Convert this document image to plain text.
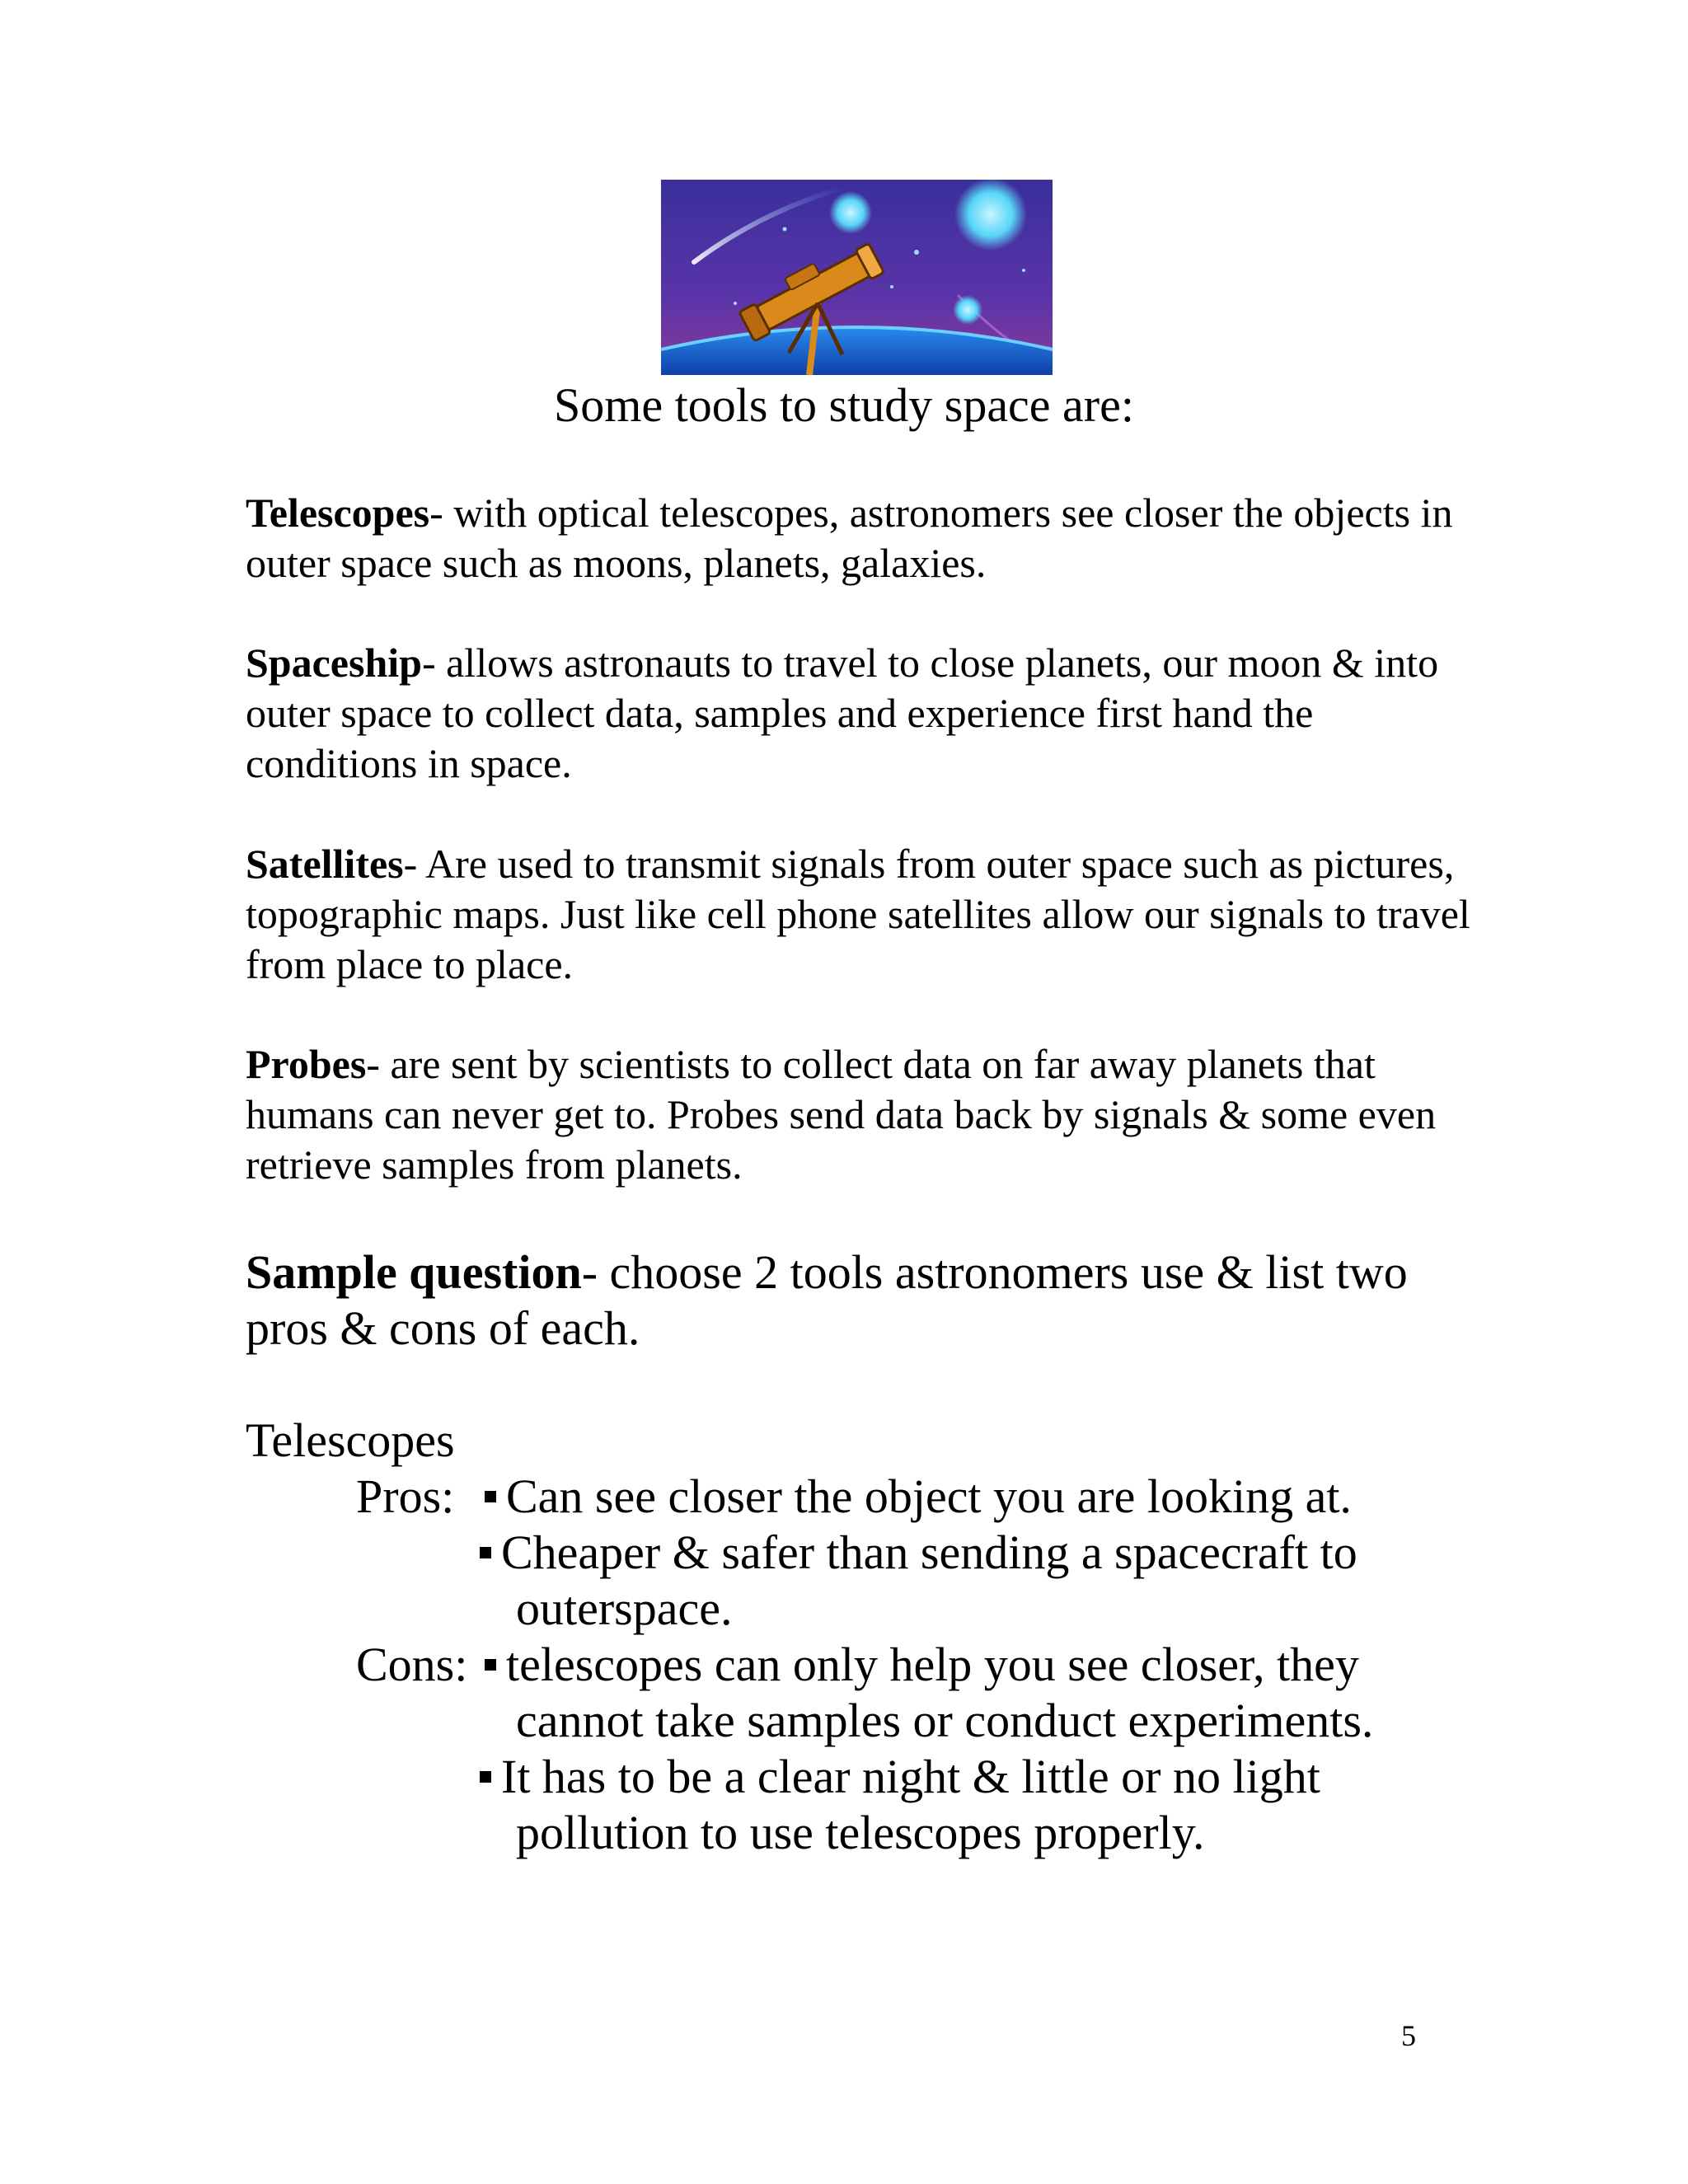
Some tools to study space are:
Telescopes- with optical telescopes, astronomers see closer the objects in outer space such as moons, planets, galaxies.
Spaceship- allows astronauts to travel to close planets, our moon & into outer space to collect data, samples and experience first hand the conditions in space.
Satellites- Are used to transmit signals from outer space such as pictures, topographic maps. Just like cell phone satellites allow our signals to travel from place to place.
Probes- are sent by scientists to collect data on far away planets that humans can never get to. Probes send data back by signals & some even retrieve samples from planets.
Sample question- choose 2 tools astronomers use & list two pros & cons of each.
Telescopes
Pros:	Can see closer the object you are looking at.
Cheaper & safer than sending a spacecraft to
outerspace.
Cons: telescopes can only help you see closer, they
cannot take samples or conduct experiments.
It has to be a clear night & little or no light
pollution to use telescopes properly.
5
